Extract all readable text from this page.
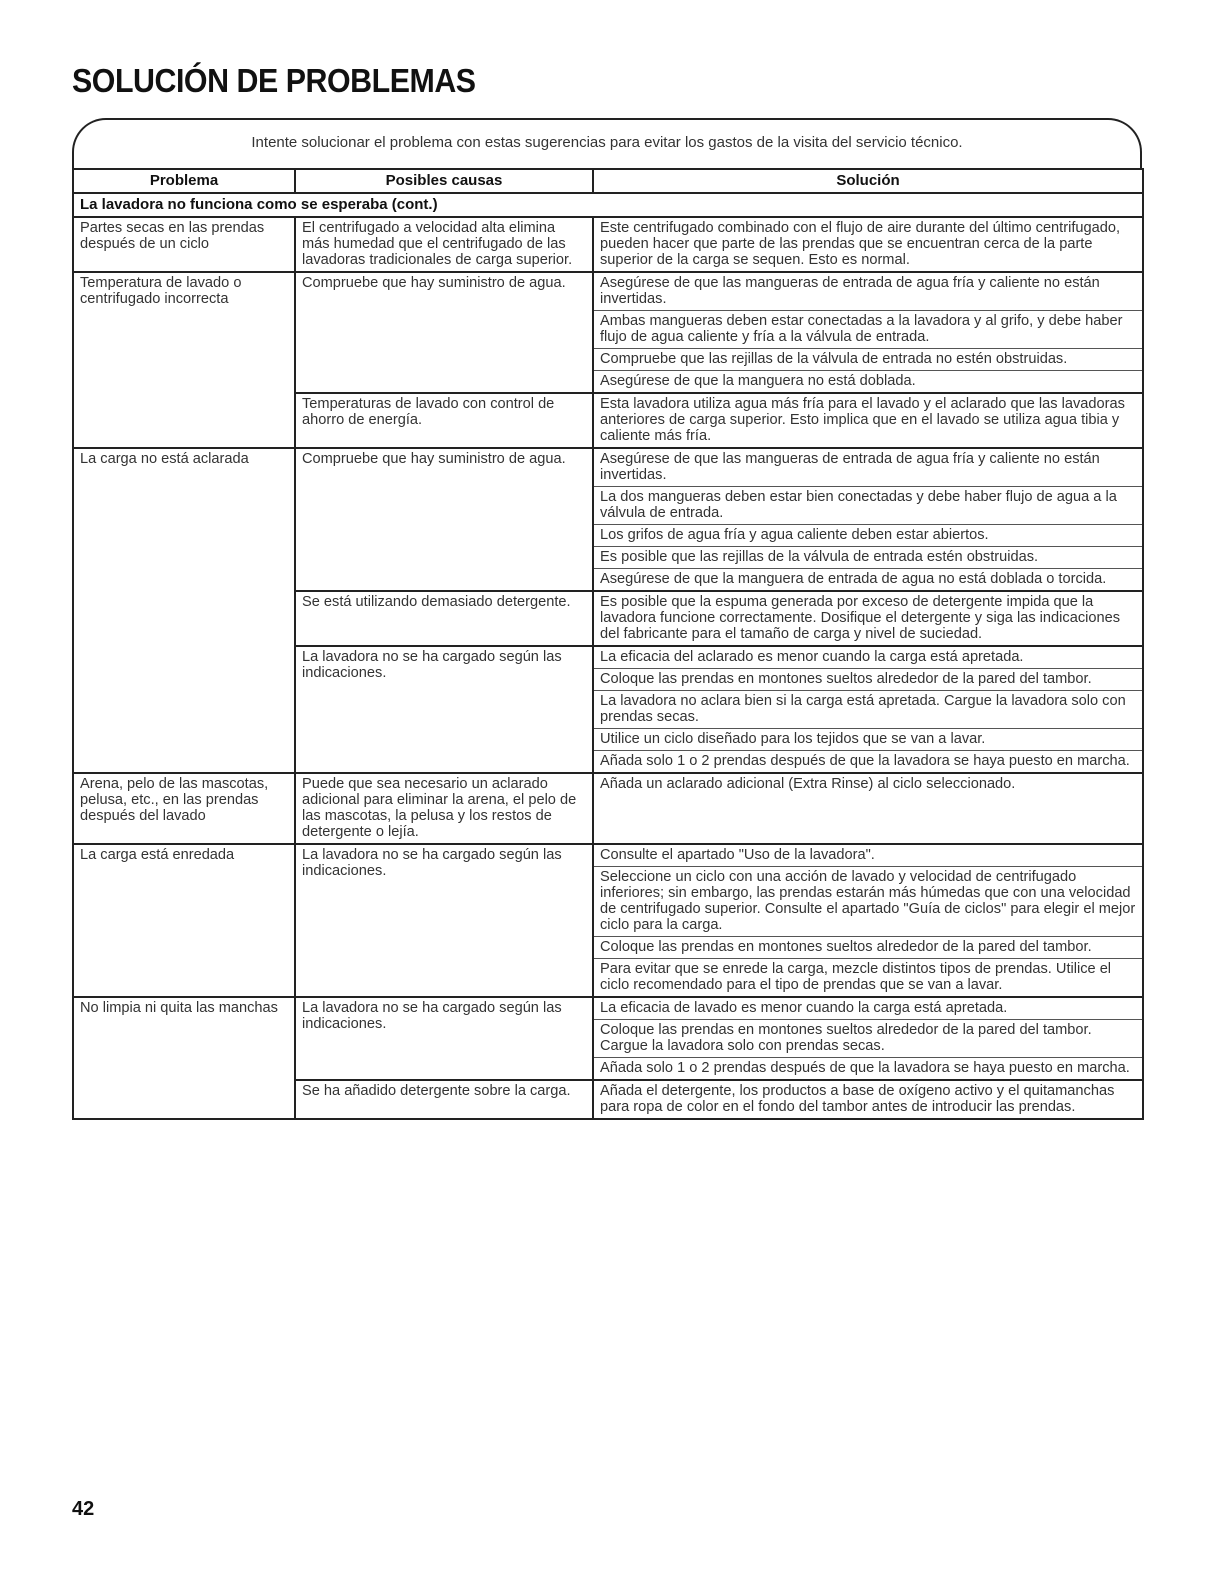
SOLUCIÓN DE PROBLEMAS
Intente solucionar el problema con estas sugerencias para evitar los gastos de la visita del servicio técnico.
Problema	Posibles causas	Solución
La lavadora no funciona como se esperaba (cont.)		
Partes secas en las prendas después de un ciclo	El centrifugado a velocidad alta elimina más humedad que el centrifugado de las lavadoras tradicionales de carga superior.	Este centrifugado combinado con el flujo de aire durante del último centrifugado, pueden hacer que parte de las prendas que se encuentran cerca de la parte superior de la carga se sequen. Esto es normal.
Temperatura de lavado o centrifugado incorrecta	Compruebe que hay suministro de agua.	Asegúrese de que las mangueras de entrada de agua fría y caliente no están invertidas.
		Ambas mangueras deben estar conectadas a la lavadora y al grifo, y debe haber flujo de agua caliente y fría a la válvula de entrada.
		Compruebe que las rejillas de la válvula de entrada no estén obstruidas.
		Asegúrese de que la manguera no está doblada.
	Temperaturas de lavado con control de ahorro de energía.	Esta lavadora utiliza agua más fría para el lavado y el aclarado que las lavadoras anteriores de carga superior. Esto implica que en el lavado se utiliza agua tibia y caliente más fría.
La carga no está aclarada	Compruebe que hay suministro de agua.	Asegúrese de que las mangueras de entrada de agua fría y caliente no están invertidas.
		La dos mangueras deben estar bien conectadas y debe haber flujo de agua a la válvula de entrada.
		Los grifos de agua fría y agua caliente deben estar abiertos.
		Es posible que las rejillas de la válvula de entrada estén obstruidas.
		Asegúrese de que la manguera de entrada de agua no está doblada o torcida.
	Se está utilizando demasiado detergente.	Es posible que la espuma generada por exceso de detergente impida que la lavadora funcione correctamente. Dosifique el detergente y siga las indicaciones del fabricante para el tamaño de carga y nivel de suciedad.
	La lavadora no se ha cargado según las indicaciones.	La eficacia del aclarado es menor cuando la carga está apretada.
		Coloque las prendas en montones sueltos alrededor de la pared del tambor.
		La lavadora no aclara bien si la carga está apretada. Cargue la lavadora solo con prendas secas.
		Utilice un ciclo diseñado para los tejidos que se van a lavar.
		Añada solo 1 o 2 prendas después de que la lavadora se haya puesto en marcha.
Arena, pelo de las mascotas, pelusa, etc., en las prendas después del lavado	Puede que sea necesario un aclarado adicional para eliminar la arena, el pelo de las mascotas, la pelusa y los restos de detergente o lejía.	Añada un aclarado adicional (Extra Rinse) al ciclo seleccionado.
La carga está enredada	La lavadora no se ha cargado según las indicaciones.	Consulte el apartado "Uso de la lavadora".
		Seleccione un ciclo con una acción de lavado y velocidad de centrifugado inferiores; sin embargo, las prendas estarán más húmedas que con una velocidad de centrifugado superior. Consulte el apartado "Guía de ciclos" para elegir el mejor ciclo para la carga.
		Coloque las prendas en montones sueltos alrededor de la pared del tambor.
		Para evitar que se enrede la carga, mezcle distintos tipos de prendas. Utilice el ciclo recomendado para el tipo de prendas que se van a lavar.
No limpia ni quita las manchas	La lavadora no se ha cargado según las indicaciones.	La eficacia de lavado es menor cuando la carga está apretada.
		Coloque las prendas en montones sueltos alrededor de la pared del tambor. Cargue la lavadora solo con prendas secas.
		Añada solo 1 o 2 prendas después de que la lavadora se haya puesto en marcha.
	Se ha añadido detergente sobre la carga.	Añada el detergente, los productos a base de oxígeno activo y el quitamanchas para ropa de color en el fondo del tambor antes de introducir las prendas.
42
